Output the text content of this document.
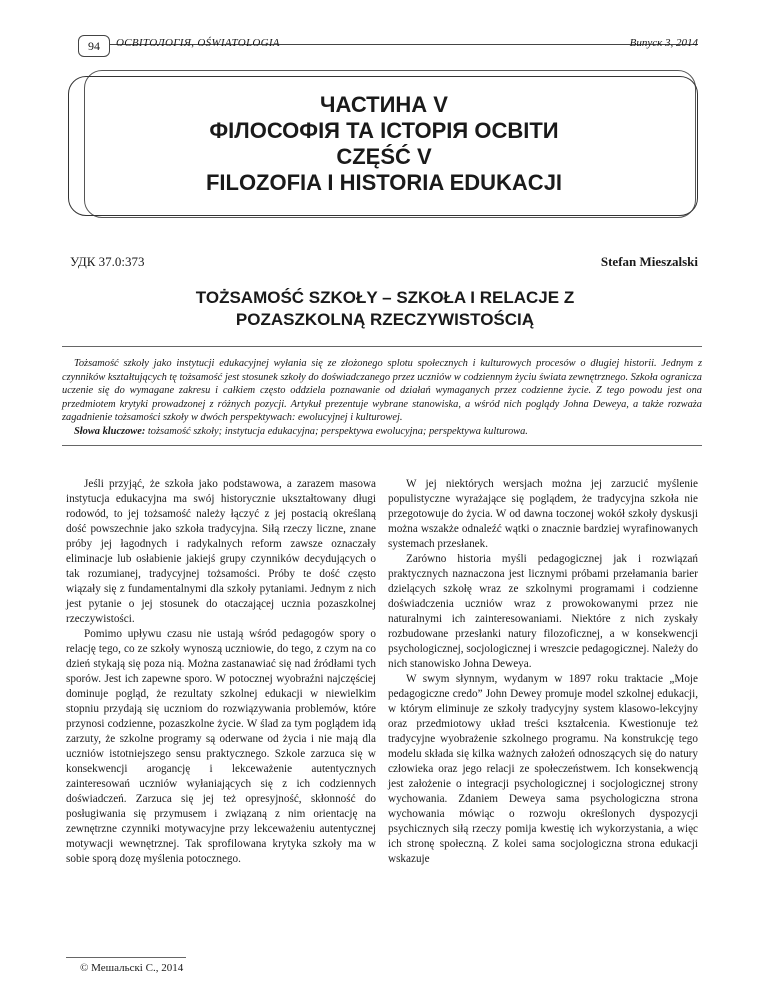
94	ОСВІТОЛОГІЯ, OŚWIATOLOGIA	Випуск 3, 2014
ЧАСТИНА V
ФІЛОСОФІЯ ТА ІСТОРІЯ ОСВІТИ
CZĘŚĆ V
FILOZOFIA I HISTORIA EDUKACJI
УДК 37.0:373	Stefan Mieszalski
TOŻSAMOŚĆ SZKOŁY – SZKOŁA I RELACJE Z
POZASZKOLNĄ RZECZYWISTOŚCIĄ

Tożsamość szkoły jako instytucji edukacyjnej wyłania się ze złożonego splotu społecznych i kulturowych procesów o długiej historii. Jednym z czynników kształtujących tę tożsamość jest stosunek szkoły do doświadczanego przez uczniów w codziennym życiu świata zewnętrznego. Szkoła ogranicza uczenie się do wymagane zakresu i całkiem często oddziela poznawanie od działań wymaganych przez codzienne życie. Z tego powodu jest ona przedmiotem krytyki prowadzonej z różnych pozycji. Artykuł prezentuje wybrane stanowiska, a wśród nich poglądy Johna Deweya, a także rozważa zagadnienie tożsamości szkoły w dwóch perspektywach: ewolucyjnej i kulturowej.

Słowa kluczowe: tożsamość szkoły; instytucja edukacyjna; perspektywa ewolucyjna; perspektywa kulturowa.

Jeśli przyjąć, że szkoła jako podstawowa, a zarazem masowa instytucja edukacyjna ma swój historycznie ukształtowany długi rodowód, to jej tożsamość należy łączyć z jej postacią określaną dość powszechnie jako szkoła tradycyjna. Siłą rzeczy liczne, znane próby jej łagodnych i radykalnych reform zawsze oznaczały eliminacje lub osłabienie jakiejś grupy czynników decydujących o tak rozumianej, tradycyjnej tożsamości. Próby te dość często wiązały się z fundamentalnymi dla szkoły pytaniami. Jednym z nich jest pytanie o jej stosunek do otaczającej ucznia pozaszkolnej rzeczywistości.

Pomimo upływu czasu nie ustają wśród pedagogów spory o relację tego, co ze szkoły wynoszą uczniowie, do tego, z czym na co dzień stykają się poza nią. Można zastanawiać się nad źródłami tych sporów. Jest ich zapewne sporo. W potocznej wyobraźni najczęściej dominuje pogląd, że rezultaty szkolnej edukacji w niewielkim stopniu przydają się uczniom do rozwiązywania problemów, które przynosi codzienne, pozaszkolne życie. W ślad za tym poglądem idą zarzuty, że szkolne programy są oderwane od życia i nie mają dla uczniów istotniejszego sensu praktycznego. Szkole zarzuca się w konsekwencji arogancję i lekceważenie autentycznych zainteresowań uczniów wyłaniających się z ich codziennych doświadczeń. Zarzuca się jej też opresyjność, skłonność do posługiwania się przymusem i związaną z nim orientację na zewnętrzne czynniki motywacyjne przy lekceważeniu autentycznej motywacji wewnętrznej. Tak sprofilowana krytyka szkoły ma w sobie sporą dozę myślenia potocznego.

W jej niektórych wersjach można jej zarzucić myślenie populistyczne wyrażające się poglądem, że tradycyjna szkoła nie przegotowuje do życia. W od dawna toczonej wokół szkoły dyskusji można wszakże odnaleźć wątki o znacznie bardziej wyrafinowanych systemach przesłanek.

Zarówno historia myśli pedagogicznej jak i rozwiązań praktycznych naznaczona jest licznymi próbami przełamania barier dzielących szkołę wraz ze szkolnymi programami i codzienne doświadczenia uczniów wraz z prowokowanymi przez nie naturalnymi ich zainteresowaniami. Niektóre z nich zyskały rozbudowane przesłanki natury filozoficznej, a w konsekwencji psychologicznej, socjologicznej i wreszcie pedagogicznej. Należy do nich stanowisko Johna Deweya.

W swym słynnym, wydanym w 1897 roku traktacie „Moje pedagogiczne credo” John Dewey promuje model szkolnej edukacji, w którym eliminuje ze szkoły tradycyjny system klasowo-lekcyjny oraz przedmiotowy układ treści kształcenia. Kwestionuje też tradycyjne wyobrażenie szkolnego programu. Na konstrukcję tego modelu składa się kilka ważnych założeń odnoszących się do natury człowieka oraz jego relacji ze społeczeństwem. Ich konsekwencją jest założenie o integracji psychologicznej i socjologicznej strony wychowania. Zdaniem Deweya sama psychologiczna strona wychowania mówiąc o rozwoju określonych dyspozycji psychicznych siłą rzeczy pomija kwestię ich wykorzystania, a więc ich stronę społeczną. Z kolei sama socjologiczna strona edukacji wskazuje

© Мешальскі С., 2014
